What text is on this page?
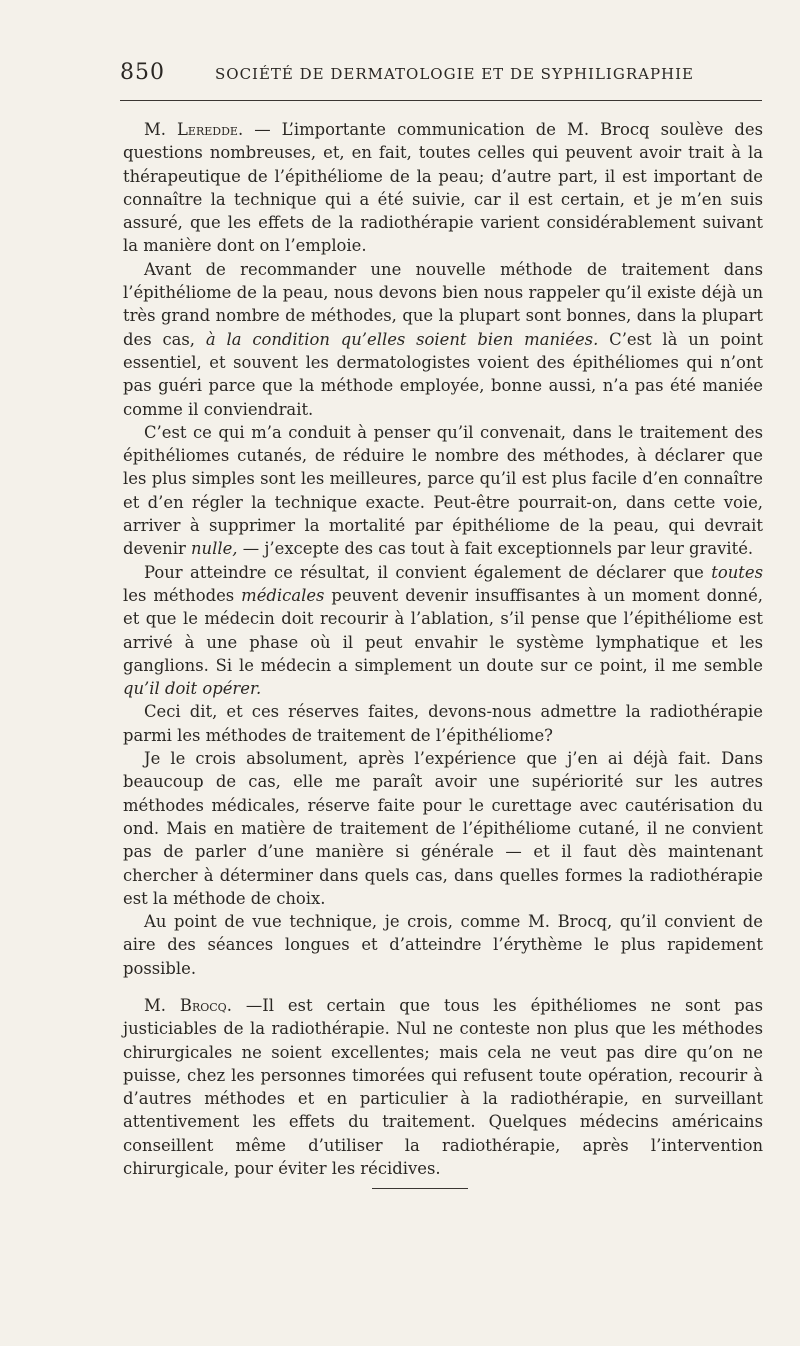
850	SOCIÉTÉ DE DERMATOLOGIE ET DE SYPHILIGRAPHIE

M. Leredde. — L’importante communication de M. Brocq soulève des questions nombreuses, et, en fait, toutes celles qui peuvent avoir trait à la thérapeutique de l’épithéliome de la peau; d’autre part, il est important de connaître la technique qui a été suivie, car il est certain, et je m’en suis assuré, que les effets de la radiothérapie varient considérablement suivant la manière dont on l’emploie.

Avant de recommander une nouvelle méthode de traitement dans l’épithéliome de la peau, nous devons bien nous rappeler qu’il existe déjà un très grand nombre de méthodes, que la plupart sont bonnes, dans la plupart des cas, à la condition qu’elles soient bien maniées. C’est là un point essentiel, et souvent les dermatologistes voient des épithéliomes qui n’ont pas guéri parce que la méthode employée, bonne aussi, n’a pas été maniée comme il conviendrait.

C’est ce qui m’a conduit à penser qu’il convenait, dans le traitement des épithéliomes cutanés, de réduire le nombre des méthodes, à déclarer que les plus simples sont les meilleures, parce qu’il est plus facile d’en connaître et d’en régler la technique exacte. Peut-être pourrait-on, dans cette voie, arriver à supprimer la mortalité par épithéliome de la peau, qui devrait devenir nulle, — j’excepte des cas tout à fait exceptionnels par leur gravité.

Pour atteindre ce résultat, il convient également de déclarer que toutes les méthodes médicales peuvent devenir insuffisantes à un moment donné, et que le médecin doit recourir à l’ablation, s’il pense que l’épithéliome est arrivé à une phase où il peut envahir le système lymphatique et les ganglions. Si le médecin a simplement un doute sur ce point, il me semble qu’il doit opérer.

Ceci dit, et ces réserves faites, devons-nous admettre la radiothérapie parmi les méthodes de traitement de l’épithéliome?

Je le crois absolument, après l’expérience que j’en ai déjà fait. Dans beaucoup de cas, elle me paraît avoir une supériorité sur les autres méthodes médicales, réserve faite pour le curettage avec cautérisation du ond. Mais en matière de traitement de l’épithéliome cutané, il ne convient pas de parler d’une manière si générale — et il faut dès maintenant chercher à déterminer dans quels cas, dans quelles formes la radiothérapie est la méthode de choix.

Au point de vue technique, je crois, comme M. Brocq, qu’il convient de aire des séances longues et d’atteindre l’érythème le plus rapidement possible.

M. Brocq. —Il est certain que tous les épithéliomes ne sont pas justiciables de la radiothérapie. Nul ne conteste non plus que les méthodes chirurgicales ne soient excellentes; mais cela ne veut pas dire qu’on ne puisse, chez les personnes timorées qui refusent toute opération, recourir à d’autres méthodes et en particulier à la radiothérapie, en surveillant attentivement les effets du traitement. Quelques médecins américains conseillent même d’utiliser la radiothérapie, après l’intervention chirurgicale, pour éviter les récidives.
